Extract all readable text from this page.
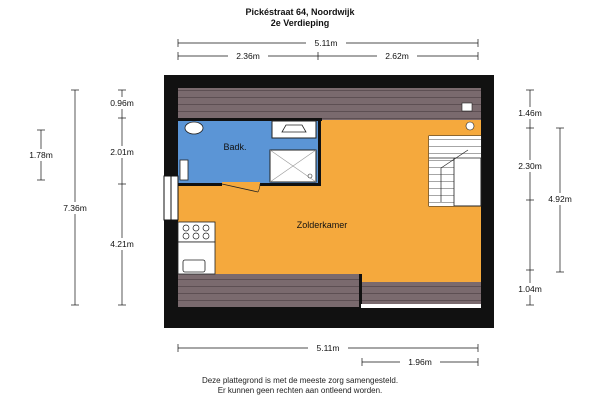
Pickéstraat 64, Noordwijk
2e Verdieping
Badk.
Zolderkamer
5.11m
2.36m	2.62m
7.36m
1.78m
0.96m
2.01m
4.21m
1.46m
2.30m
4.92m
1.04m
5.11m
1.96m
Deze plattegrond is met de meeste zorg samengesteld.
Er kunnen geen rechten aan ontleend worden.
